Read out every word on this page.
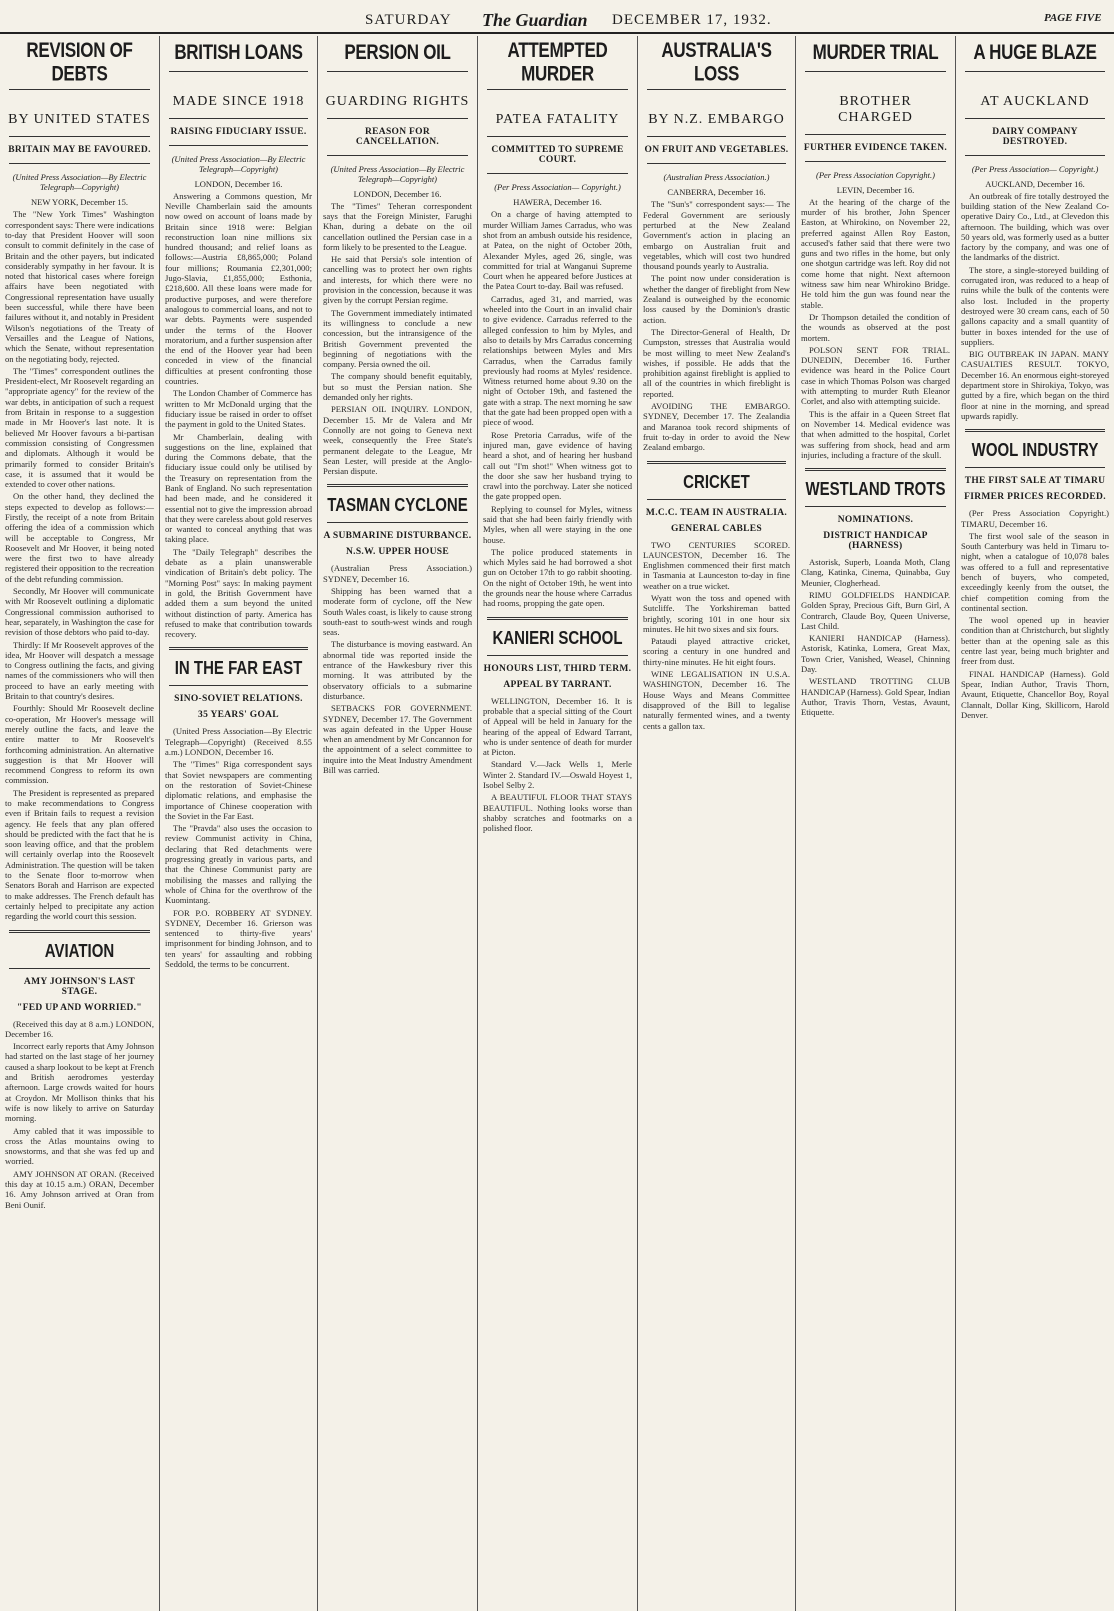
SATURDAY The Guardian DECEMBER 17, 1932.	PAGE FIVE
REVISION OF DEBTS
BY UNITED STATES
BRITAIN MAY BE FAVOURED.
(United Press Association—By Electric Telegraph—Copyright)
NEW YORK, December 15.

The "New York Times" Washington correspondent says: There were indications to-day that President Hoover will soon consult to commit definitely in the case of Britain and the other payers, but indicated considerably sympathy in her favour. It is noted that historical cases where foreign affairs have been negotiated with Congressional representation have usually been successful, while there have been failures without it, and notably in President Wilson's negotiations of the Treaty of Versailles and the League of Nations, which the Senate, without representation on the negotiating body, rejected.

The "Times" correspondent outlines the President-elect, Mr Roosevelt regarding an "appropriate agency" for the review of the war debts, in anticipation of such a request from Britain in response to a suggestion made in Mr Hoover's last note. It is believed Mr Hoover favours a bi-partisan commission consisting of Congressmen and diplomats. Although it would be primarily formed to consider Britain's case, it is assumed that it would be extended to cover other nations.

On the other hand, they declined the steps expected to develop as follows:— Firstly, the receipt of a note from Britain offering the idea of a commission which will be acceptable to Congress, Mr Roosevelt and Mr Hoover, it being noted were the first two to have already registered their opposition to the recreation of the debt refunding commission.

Secondly, Mr Hoover will communicate with Mr Roosevelt outlining a diplomatic Congressional commission authorised to hear, separately, in Washington the case for revision of those debtors who paid to-day.

Thirdly: If Mr Roosevelt approves of the idea, Mr Hoover will despatch a message to Congress outlining the facts, and giving names of the commissioners who will then proceed to have an early meeting with Britain to that country's desires.

Fourthly: Should Mr Roosevelt decline co-operation, Mr Hoover's message will merely outline the facts, and leave the entire matter to Mr Roosevelt's forthcoming administration. An alternative suggestion is that Mr Hoover will recommend Congress to reform its own commission.

The President is represented as prepared to make recommendations to Congress even if Britain fails to request a revision agency. He feels that any plan offered should be predicted with the fact that he is soon leaving office, and that the problem will certainly overlap into the Roosevelt Administration. The question will be taken to the Senate floor to-morrow when Senators Borah and Harrison are expected to make addresses. The French default has certainly helped to precipitate any action regarding the world court this session.

AVIATION
AMY JOHNSON'S LAST STAGE.
"FED UP AND WORRIED."

(Received this day at 8 a.m.) LONDON, December 16.

Incorrect early reports that Amy Johnson had started on the last stage of her journey caused a sharp lookout to be kept at French and British aerodromes yesterday afternoon. Large crowds waited for hours at Croydon. Mr Mollison thinks that his wife is now likely to arrive on Saturday morning.

Amy cabled that it was impossible to cross the Atlas mountains owing to snowstorms, and that she was fed up and worried.

AMY JOHNSON AT ORAN. (Received this day at 10.15 a.m.) ORAN, December 16. Amy Johnson arrived at Oran from Beni Ounif.

BRITISH LOANS
MADE SINCE 1918
RAISING FIDUCIARY ISSUE.
(United Press Association—By Electric Telegraph—Copyright)
LONDON, December 16.

Answering a Commons question, Mr Neville Chamberlain said the amounts now owed on account of loans made by Britain since 1918 were: Belgian reconstruction loan nine millions six hundred thousand; and relief loans as follows:—Austria £8,865,000; Poland four millions; Roumania £2,301,000; Jugo-Slavia, £1,855,000; Esthonia, £218,600. All these loans were made for productive purposes, and were therefore analogous to commercial loans, and not to war debts. Payments were suspended under the terms of the Hoover moratorium, and a further suspension after the end of the Hoover year had been conceded in view of the financial difficulties at present confronting those countries.

The London Chamber of Commerce has written to Mr McDonald urging that the fiduciary issue be raised in order to offset the payment in gold to the United States.

Mr Chamberlain, dealing with suggestions on the line, explained that during the Commons debate, that the fiduciary issue could only be utilised by the Treasury on representation from the Bank of England. No such representation had been made, and he considered it essential not to give the impression abroad that they were careless about gold reserves or wanted to conceal anything that was taking place.

The "Daily Telegraph" describes the debate as a plain unanswerable vindication of Britain's debt policy. The "Morning Post" says: In making payment in gold, the British Government have added them a sum beyond the united without distinction of party. America has refused to make that contribution towards recovery.

IN THE FAR EAST
SINO-SOVIET RELATIONS.
35 YEARS' GOAL

(United Press Association—By Electric Telegraph—Copyright) (Received 8.55 a.m.) LONDON, December 16.

The "Times" Riga correspondent says that Soviet newspapers are commenting on the restoration of Soviet-Chinese diplomatic relations, and emphasise the importance of Chinese cooperation with the Soviet in the Far East.

The "Pravda" also uses the occasion to review Communist activity in China, declaring that Red detachments were progressing greatly in various parts, and that the Chinese Communist party are mobilising the masses and rallying the whole of China for the overthrow of the Kuomintang.

FOR P.O. ROBBERY AT SYDNEY. SYDNEY, December 16. Grierson was sentenced to thirty-five years' imprisonment for binding Johnson, and to ten years' for assaulting and robbing Seddold, the terms to be concurrent.

PERSION OIL
GUARDING RIGHTS
REASON FOR CANCELLATION.
(United Press Association—By Electric Telegraph—Copyright)
LONDON, December 16.

The "Times" Teheran correspondent says that the Foreign Minister, Farughi Khan, during a debate on the oil cancellation outlined the Persian case in a form likely to be presented to the League.

He said that Persia's sole intention of cancelling was to protect her own rights and interests, for which there were no provision in the concession, because it was given by the corrupt Persian regime.

The Government immediately intimated its willingness to conclude a new concession, but the intransigence of the British Government prevented the beginning of negotiations with the company. Persia owned the oil.

The company should benefit equitably, but so must the Persian nation. She demanded only her rights.

PERSIAN OIL INQUIRY. LONDON, December 15. Mr de Valera and Mr Connolly are not going to Geneva next week, consequently the Free State's permanent delegate to the League, Mr Sean Lester, will preside at the Anglo-Persian dispute.

TASMAN CYCLONE
A SUBMARINE DISTURBANCE.
N.S.W. UPPER HOUSE

(Australian Press Association.) SYDNEY, December 16.

Shipping has been warned that a moderate form of cyclone, off the New South Wales coast, is likely to cause strong south-east to south-west winds and rough seas.

The disturbance is moving eastward. An abnormal tide was reported inside the entrance of the Hawkesbury river this morning. It was attributed by the observatory officials to a submarine disturbance.

SETBACKS FOR GOVERNMENT. SYDNEY, December 17. The Government was again defeated in the Upper House when an amendment by Mr Concannon for the appointment of a select committee to inquire into the Meat Industry Amendment Bill was carried.

ATTEMPTED MURDER
PATEA FATALITY
COMMITTED TO SUPREME COURT.
(Per Press Association— Copyright.)
HAWERA, December 16.

On a charge of having attempted to murder William James Carradus, who was shot from an ambush outside his residence, at Patea, on the night of October 20th, Alexander Myles, aged 26, single, was committed for trial at Wanganui Supreme Court when he appeared before Justices at the Patea Court to-day. Bail was refused.

Carradus, aged 31, and married, was wheeled into the Court in an invalid chair to give evidence. Carradus referred to the alleged confession to him by Myles, and also to details by Mrs Carradus concerning relationships between Myles and Mrs Carradus, when the Carradus family previously had rooms at Myles' residence. Witness returned home about 9.30 on the night of October 19th, and fastened the gate with a strap. The next morning he saw that the gate had been propped open with a piece of wood.

Rose Pretoria Carradus, wife of the injured man, gave evidence of having heard a shot, and of hearing her husband call out "I'm shot!" When witness got to the door she saw her husband trying to crawl into the porchway. Later she noticed the gate propped open.

Replying to counsel for Myles, witness said that she had been fairly friendly with Myles, when all were staying in the one house.

The police produced statements in which Myles said he had borrowed a shot gun on October 17th to go rabbit shooting. On the night of October 19th, he went into the grounds near the house where Carradus had rooms, propping the gate open.

KANIERI SCHOOL
HONOURS LIST, THIRD TERM.
APPEAL BY TARRANT.

WELLINGTON, December 16. It is probable that a special sitting of the Court of Appeal will be held in January for the hearing of the appeal of Edward Tarrant, who is under sentence of death for murder at Picton.

Standard V.—Jack Wells 1, Merle Winter 2. Standard IV.—Oswald Hoyest 1, Isobel Selby 2.

A BEAUTIFUL FLOOR THAT STAYS BEAUTIFUL. Nothing looks worse than shabby scratches and footmarks on a polished floor.

AUSTRALIA'S LOSS
BY N.Z. EMBARGO
ON FRUIT AND VEGETABLES.
(Australian Press Association.)
CANBERRA, December 16.

The "Sun's" correspondent says:— The Federal Government are seriously perturbed at the New Zealand Government's action in placing an embargo on Australian fruit and vegetables, which will cost two hundred thousand pounds yearly to Australia.

The point now under consideration is whether the danger of fireblight from New Zealand is outweighed by the economic loss caused by the Dominion's drastic action.

The Director-General of Health, Dr Cumpston, stresses that Australia would be most willing to meet New Zealand's wishes, if possible. He adds that the prohibition against fireblight is applied to all of the countries in which fireblight is reported.

AVOIDING THE EMBARGO. SYDNEY, December 17. The Zealandia and Maranoa took record shipments of fruit to-day in order to avoid the New Zealand embargo.

CRICKET
M.C.C. TEAM IN AUSTRALIA.
GENERAL CABLES

TWO CENTURIES SCORED. LAUNCESTON, December 16. The Englishmen commenced their first match in Tasmania at Launceston to-day in fine weather on a true wicket.

Wyatt won the toss and opened with Sutcliffe. The Yorkshireman batted brightly, scoring 101 in one hour six minutes. He hit two sixes and six fours.

Pataudi played attractive cricket, scoring a century in one hundred and thirty-nine minutes. He hit eight fours.

WINE LEGALISATION IN U.S.A. WASHINGTON, December 16. The House Ways and Means Committee disapproved of the Bill to legalise naturally fermented wines, and a twenty cents a gallon tax.

MURDER TRIAL
BROTHER CHARGED
FURTHER EVIDENCE TAKEN.
(Per Press Association Copyright.)
LEVIN, December 16.

At the hearing of the charge of the murder of his brother, John Spencer Easton, at Whirokino, on November 22, preferred against Allen Roy Easton, accused's father said that there were two guns and two rifles in the home, but only one shotgun cartridge was left. Roy did not come home that night. Next afternoon witness saw him near Whirokino Bridge. He told him the gun was found near the stable.

Dr Thompson detailed the condition of the wounds as observed at the post mortem.

POLSON SENT FOR TRIAL. DUNEDIN, December 16. Further evidence was heard in the Police Court case in which Thomas Polson was charged with attempting to murder Ruth Eleanor Corlet, and also with attempting suicide.

This is the affair in a Queen Street flat on November 14. Medical evidence was that when admitted to the hospital, Corlet was suffering from shock, head and arm injuries, including a fracture of the skull.

WESTLAND TROTS
NOMINATIONS.
DISTRICT HANDICAP (HARNESS)

Astorisk, Superb, Loanda Moth, Clang Clang, Katinka, Cinema, Quinabba, Guy Meunier, Clogherhead.

RIMU GOLDFIELDS HANDICAP. Golden Spray, Precious Gift, Burn Girl, A Contrarch, Claude Boy, Queen Universe, Last Child.

KANIERI HANDICAP (Harness). Astorisk, Katinka, Lomera, Great Max, Town Crier, Vanished, Weasel, Chinning Day.

WESTLAND TROTTING CLUB HANDICAP (Harness). Gold Spear, Indian Author, Travis Thorn, Vestas, Avaunt, Etiquette.

A HUGE BLAZE
AT AUCKLAND
DAIRY COMPANY DESTROYED.
(Per Press Association— Copyright.)
AUCKLAND, December 16.

An outbreak of fire totally destroyed the building station of the New Zealand Co-operative Dairy Co., Ltd., at Clevedon this afternoon. The building, which was over 50 years old, was formerly used as a butter factory by the company, and was one of the landmarks of the district.

The store, a single-storeyed building of corrugated iron, was reduced to a heap of ruins while the bulk of the contents were also lost. Included in the property destroyed were 30 cream cans, each of 50 gallons capacity and a small quantity of butter in boxes intended for the use of suppliers.

BIG OUTBREAK IN JAPAN. MANY CASUALTIES RESULT. TOKYO, December 16. An enormous eight-storeyed department store in Shirokiya, Tokyo, was gutted by a fire, which began on the third floor at nine in the morning, and spread upwards rapidly.

WOOL INDUSTRY
THE FIRST SALE AT TIMARU
FIRMER PRICES RECORDED.

(Per Press Association Copyright.) TIMARU, December 16.

The first wool sale of the season in South Canterbury was held in Timaru to-night, when a catalogue of 10,078 bales was offered to a full and representative bench of buyers, who competed, exceedingly keenly from the outset, the chief competition coming from the continental section.

The wool opened up in heavier condition than at Christchurch, but slightly better than at the opening sale as this centre last year, being much brighter and freer from dust.

FINAL HANDICAP (Harness). Gold Spear, Indian Author, Travis Thorn, Avaunt, Etiquette, Chancellor Boy, Royal Clannalt, Dollar King, Skillicorn, Harold Denver.
